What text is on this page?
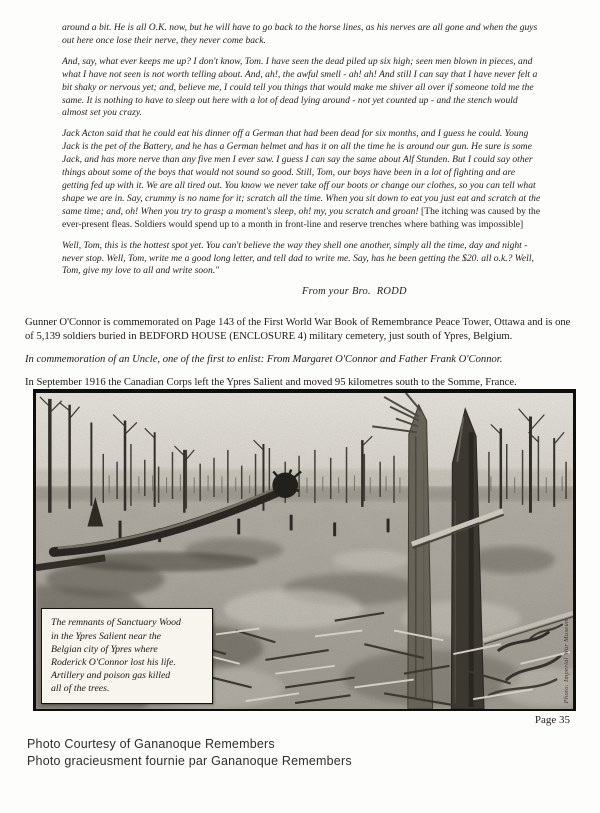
around a bit. He is all O.K. now, but he will have to go back to the horse lines, as his nerves are all gone and when the guys out here once lose their nerve, they never come back.

And, say, what ever keeps me up? I don't know, Tom. I have seen the dead piled up six high; seen men blown in pieces, and what I have not seen is not worth telling about. And, ah!, the awful smell - ah! ah! And still I can say that I have never felt a bit shaky or nervous yet; and, believe me, I could tell you things that would make me shiver all over if someone told me the same. It is nothing to have to sleep out here with a lot of dead lying around - not yet counted up - and the stench would almost set you crazy.

Jack Acton said that he could eat his dinner off a German that had been dead for six months, and I guess he could. Young Jack is the pet of the Battery, and he has a German helmet and has it on all the time he is around our gun. He sure is some Jack, and has more nerve than any five men I ever saw. I guess I can say the same about Alf Stunden. But I could say other things about some of the boys that would not sound so good. Still, Tom, our boys have been in a lot of fighting and are getting fed up with it. We are all tired out. You know we never take off our boots or change our clothes, so you can tell what shape we are in. Say, crummy is no name for it; scratch all the time. When you sit down to eat you just eat and scratch at the same time; and, oh! When you try to grasp a moment's sleep, oh! my, you scratch and groan! [The itching was caused by the ever-present fleas. Soldiers would spend up to a month in front-line and reserve trenches where bathing was impossible]

Well, Tom, this is the hottest spot yet. You can't believe the way they shell one another, simply all the time, day and night - never stop. Well, Tom, write me a good long letter, and tell dad to write me. Say, has he been getting the $20. all o.k.? Well, Tom, give my love to all and write soon."

From your Bro.  RODD

Gunner O'Connor is commemorated on Page 143 of the First World War Book of Remembrance Peace Tower, Ottawa and is one of 5,139 soldiers buried in BEDFORD HOUSE (ENCLOSURE 4) military cemetery, just south of Ypres, Belgium.

In commemoration of an Uncle, one of the first to enlist: From Margaret O'Connor and Father Frank O'Connor.

In September 1916 the Canadian Corps left the Ypres Salient and moved 95 kilometres south to the Somme, France.

The remnants of Sanctuary Wood
in the Ypres Salient near the
Belgian city of Ypres where
Roderick O'Connor lost his life.
Artillery and poison gas killed
all of the trees.	Photo: Imperial War Museum
Page 35
Photo Courtesy of Gananoque Remembers
Photo gracieusment fournie par Gananoque Remembers
